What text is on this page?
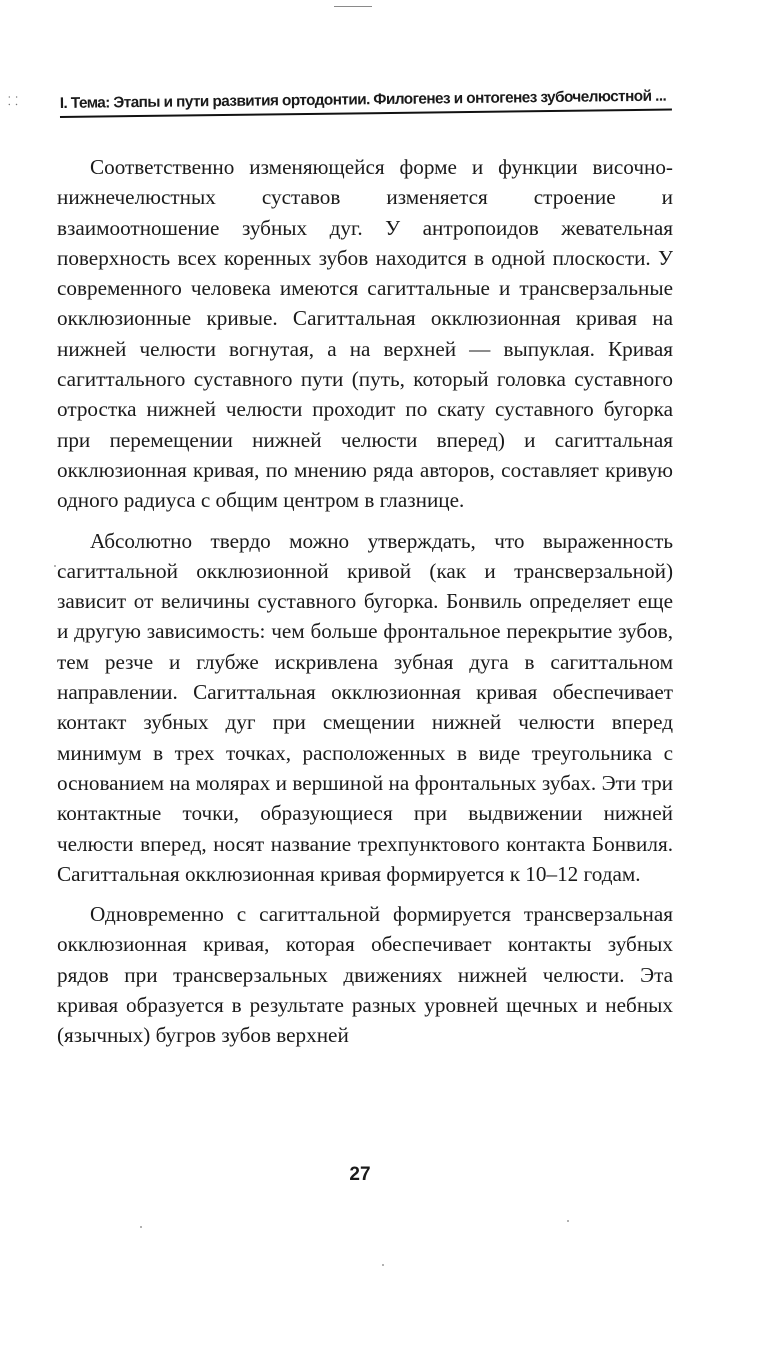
⸬	I. Тема: Этапы и пути развития ортодонтии. Филогенез и онтогенез зубочелюстной ...

Соответственно изменяющейся форме и функции височно-нижнечелюстных суставов изменяется строение и взаимоотношение зубных дуг. У антропоидов жевательная поверхность всех коренных зубов находится в одной плоскости. У современного человека имеются сагиттальные и трансверзальные окклюзионные кривые. Сагиттальная окклюзионная кривая на нижней челюсти вогнутая, а на верхней — выпуклая. Кривая сагиттального суставного пути (путь, который головка суставного отростка нижней челюсти проходит по скату суставного бугорка при перемещении нижней челюсти вперед) и сагиттальная окклюзионная кривая, по мнению ряда авторов, составляет кривую одного радиуса с общим центром в глазнице.

Абсолютно твердо можно утверждать, что выраженность сагиттальной окклюзионной кривой (как и трансверзальной) зависит от величины суставного бугорка. Бонвиль определяет еще и другую зависимость: чем больше фронтальное перекрытие зубов, тем резче и глубже искривлена зубная дуга в сагиттальном направлении. Сагиттальная окклюзионная кривая обеспечивает контакт зубных дуг при смещении нижней челюсти вперед минимум в трех точках, расположенных в виде треугольника с основанием на молярах и вершиной на фронтальных зубах. Эти три контактные точки, образующиеся при выдвижении нижней челюсти вперед, носят название трехпунктового контакта Бонвиля. Сагиттальная окклюзионная кривая формируется к 10–12 годам.

Одновременно с сагиттальной формируется трансверзальная окклюзионная кривая, которая обеспечивает контакты зубных рядов при трансверзальных движениях нижней челюсти. Эта кривая образуется в результате разных уровней щечных и небных (язычных) бугров зубов верхней

27
